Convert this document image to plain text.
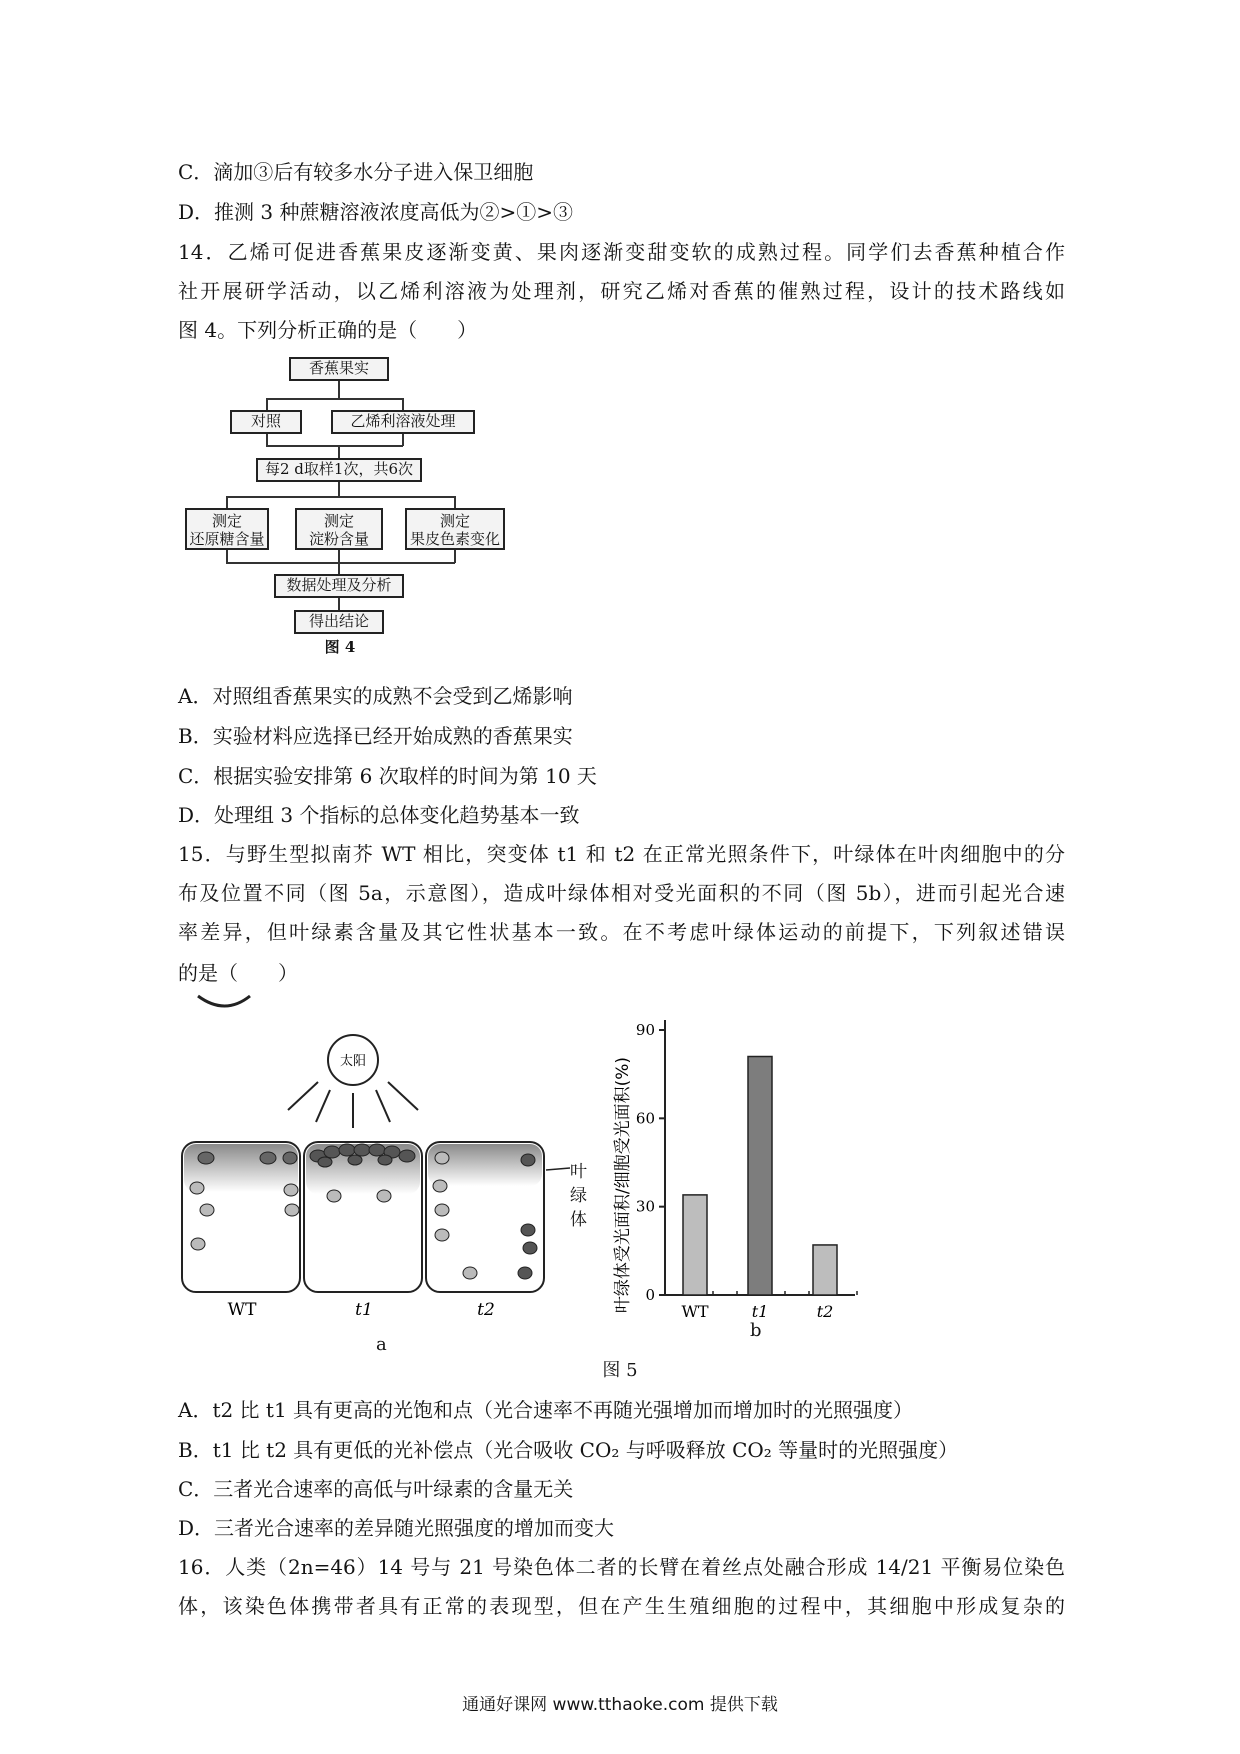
C．滴加③后有较多水分子进入保卫细胞
D．推测 3 种蔗糖溶液浓度高低为②>①>③
14．乙烯可促进香蕉果皮逐渐变黄、果肉逐渐变甜变软的成熟过程。同学们去香蕉种植合作
社开展研学活动，以乙烯利溶液为处理剂，研究乙烯对香蕉的催熟过程，设计的技术路线如
图 4。下列分析正确的是（　　）
香蕉果实
对照	乙烯利溶液处理
每2 d取样1次，共6次
测定
还原糖含量
测定
淀粉含量
测定
果皮色素变化
数据处理及分析
得出结论
图 4
A．对照组香蕉果实的成熟不会受到乙烯影响
B．实验材料应选择已经开始成熟的香蕉果实
C．根据实验安排第 6 次取样的时间为第 10 天
D．处理组 3 个指标的总体变化趋势基本一致
15．与野生型拟南芥 WT 相比，突变体 t1 和 t2 在正常光照条件下，叶绿体在叶肉细胞中的分
布及位置不同（图 5a，示意图），造成叶绿体相对受光面积的不同（图 5b），进而引起光合速
率差异，但叶绿素含量及其它性状基本一致。在不考虑叶绿体运动的前提下，下列叙述错误
的是（　　）
太阳
WT	t1	t2
叶绿体
a
叶绿体受光面积/细胞受光面积(%) 0
30
60
90
WT	t1	t2
b
图 5
A．t2 比 t1 具有更高的光饱和点（光合速率不再随光强增加而增加时的光照强度）
B．t1 比 t2 具有更低的光补偿点（光合吸收 CO₂ 与呼吸释放 CO₂ 等量时的光照强度）
C．三者光合速率的高低与叶绿素的含量无关
D．三者光合速率的差异随光照强度的增加而变大
16．人类（2n=46）14 号与 21 号染色体二者的长臂在着丝点处融合形成 14/21 平衡易位染色
体，该染色体携带者具有正常的表现型，但在产生生殖细胞的过程中，其细胞中形成复杂的
通通好课网 www.tthaoke.com 提供下载
